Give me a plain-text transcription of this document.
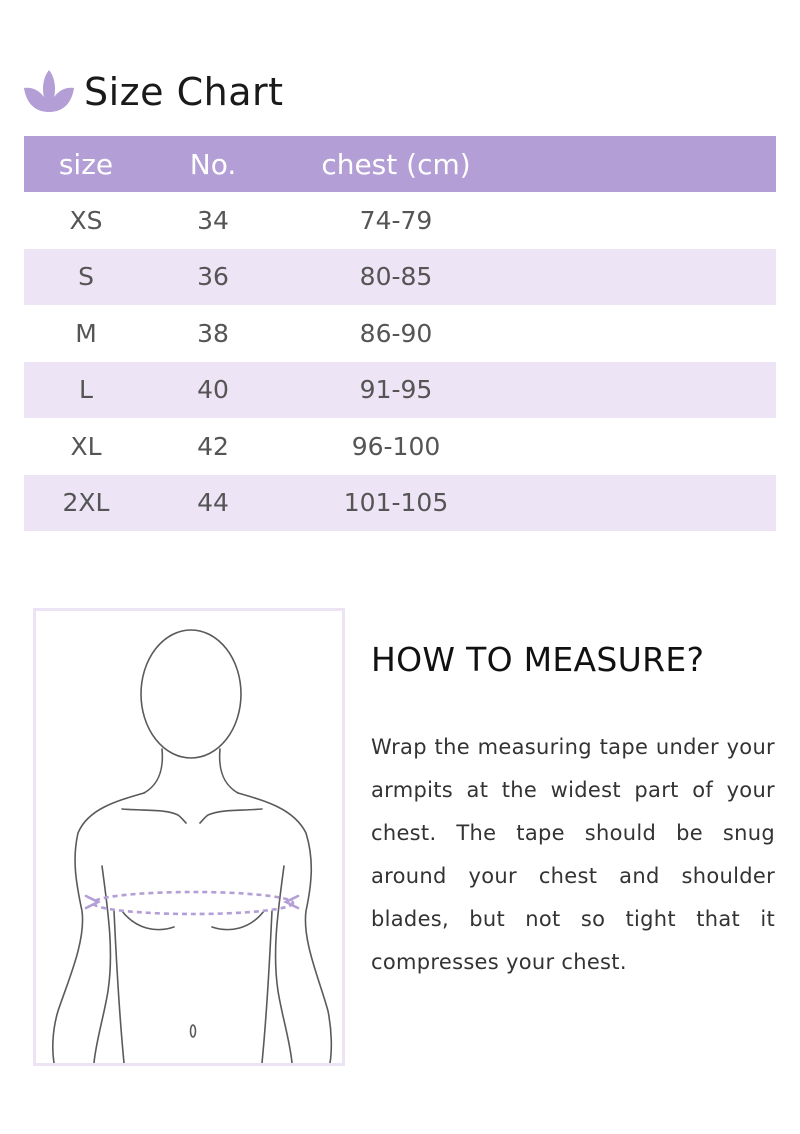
Size Chart
size	No.	chest (cm)	
XS	34	74-79	
S	36	80-85	
M	38	86-90	
L	40	91-95	
XL	42	96-100	
2XL	44	101-105	
HOW TO MEASURE?

Wrap the measuring tape under your armpits at the widest part of your chest. The tape should be snug around your chest and shoulder blades, but not so tight that it compresses your chest.
